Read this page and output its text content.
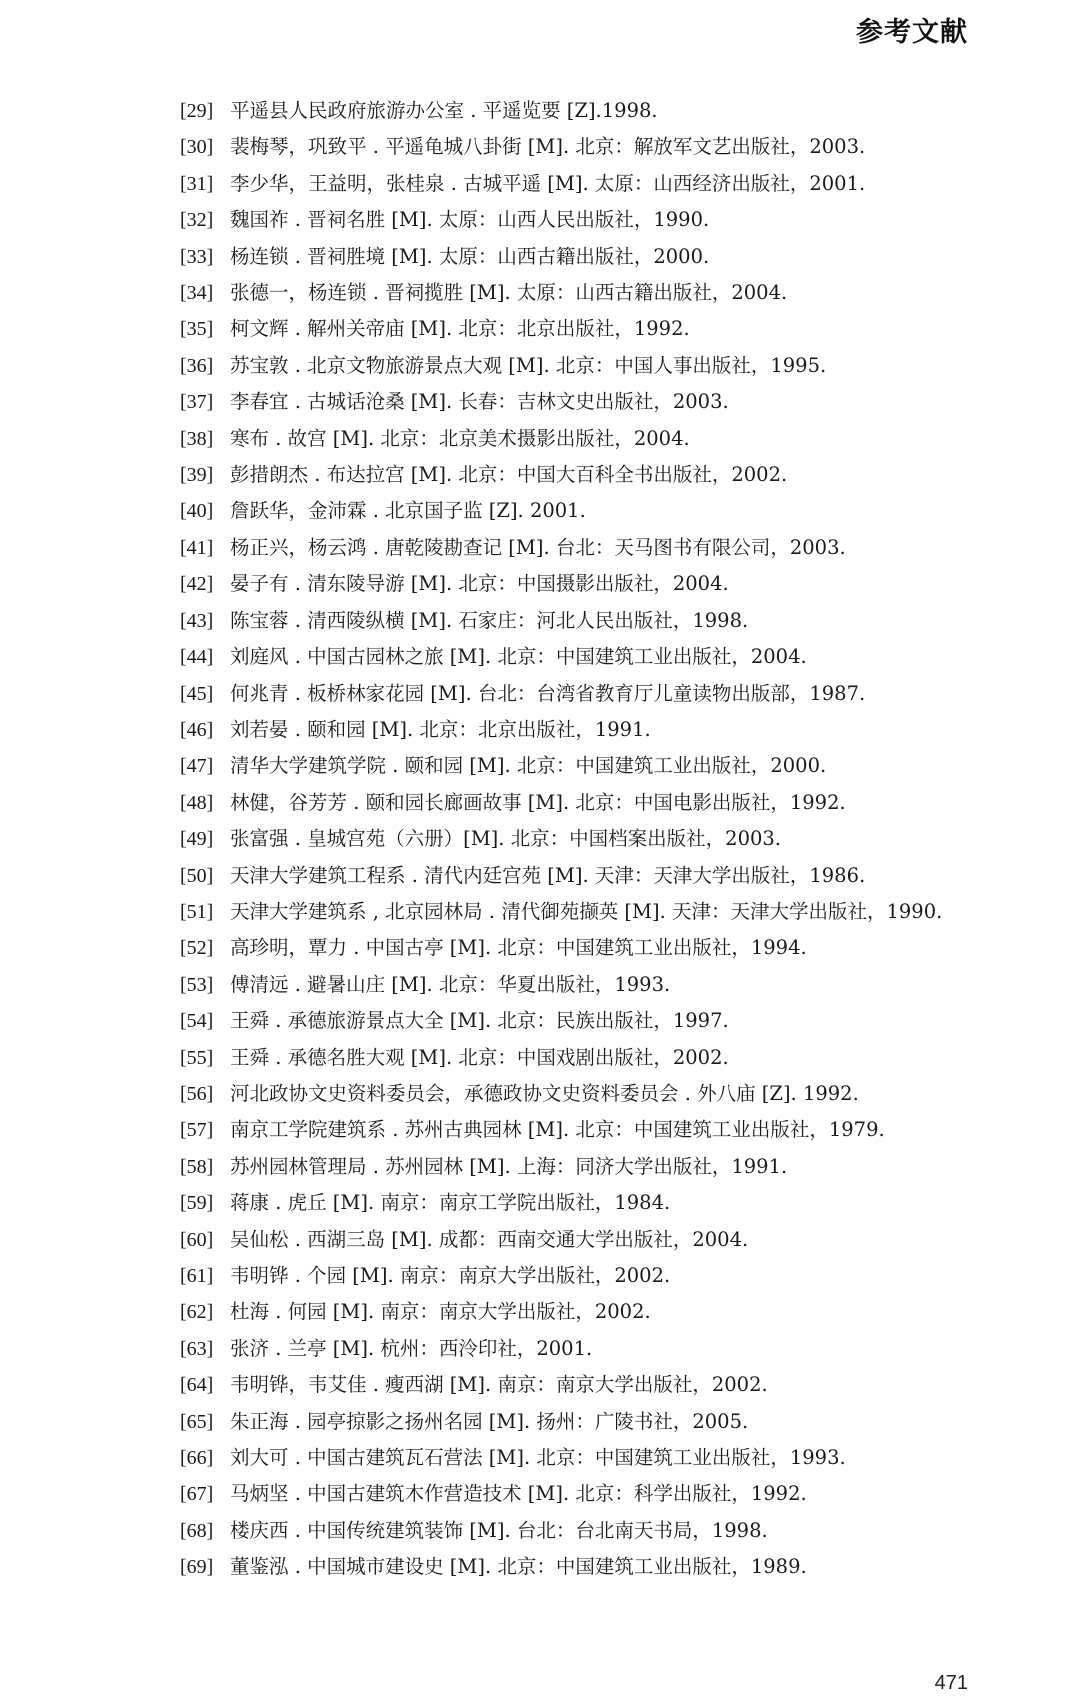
参考文献
[29] 平遥县人民政府旅游办公室 . 平遥览要 [Z].1998.
[30] 裴梅琴，巩致平 . 平遥龟城八卦街 [M]. 北京：解放军文艺出版社，2003.
[31] 李少华，王益明，张桂泉 . 古城平遥 [M]. 太原：山西经济出版社，2001.
[32] 魏国祚 . 晋祠名胜 [M]. 太原：山西人民出版社，1990.
[33] 杨连锁 . 晋祠胜境 [M]. 太原：山西古籍出版社，2000.
[34] 张德一，杨连锁 . 晋祠揽胜 [M]. 太原：山西古籍出版社，2004.
[35] 柯文辉 . 解州关帝庙 [M]. 北京：北京出版社，1992.
[36] 苏宝敦 . 北京文物旅游景点大观 [M]. 北京：中国人事出版社，1995.
[37] 李春宜 . 古城话沧桑 [M]. 长春：吉林文史出版社，2003.
[38] 寒布 . 故宫 [M]. 北京：北京美术摄影出版社，2004.
[39] 彭措朗杰 . 布达拉宫 [M]. 北京：中国大百科全书出版社，2002.
[40] 詹跃华，金沛霖 . 北京国子监 [Z]. 2001.
[41] 杨正兴，杨云鸿 . 唐乾陵勘查记 [M]. 台北：天马图书有限公司，2003.
[42] 晏子有 . 清东陵导游 [M]. 北京：中国摄影出版社，2004.
[43] 陈宝蓉 . 清西陵纵横 [M]. 石家庄：河北人民出版社，1998.
[44] 刘庭风 . 中国古园林之旅 [M]. 北京：中国建筑工业出版社，2004.
[45] 何兆青 . 板桥林家花园 [M]. 台北：台湾省教育厅儿童读物出版部，1987.
[46] 刘若晏 . 颐和园 [M]. 北京：北京出版社，1991.
[47] 清华大学建筑学院 . 颐和园 [M]. 北京：中国建筑工业出版社，2000.
[48] 林健，谷芳芳 . 颐和园长廊画故事 [M]. 北京：中国电影出版社，1992.
[49] 张富强 . 皇城宫苑（六册）[M]. 北京：中国档案出版社，2003.
[50] 天津大学建筑工程系 . 清代内廷宫苑 [M]. 天津：天津大学出版社，1986.
[51] 天津大学建筑系 , 北京园林局 . 清代御苑撷英 [M]. 天津：天津大学出版社，1990.
[52] 高珍明，覃力 . 中国古亭 [M]. 北京：中国建筑工业出版社，1994.
[53] 傅清远 . 避暑山庄 [M]. 北京：华夏出版社，1993.
[54] 王舜 . 承德旅游景点大全 [M]. 北京：民族出版社，1997.
[55] 王舜 . 承德名胜大观 [M]. 北京：中国戏剧出版社，2002.
[56] 河北政协文史资料委员会，承德政协文史资料委员会 . 外八庙 [Z]. 1992.
[57] 南京工学院建筑系 . 苏州古典园林 [M]. 北京：中国建筑工业出版社，1979.
[58] 苏州园林管理局 . 苏州园林 [M]. 上海：同济大学出版社，1991.
[59] 蒋康 . 虎丘 [M]. 南京：南京工学院出版社，1984.
[60] 吴仙松 . 西湖三岛 [M]. 成都：西南交通大学出版社，2004.
[61] 韦明铧 . 个园 [M]. 南京：南京大学出版社，2002.
[62] 杜海 . 何园 [M]. 南京：南京大学出版社，2002.
[63] 张济 . 兰亭 [M]. 杭州：西泠印社，2001.
[64] 韦明铧，韦艾佳 . 瘦西湖 [M]. 南京：南京大学出版社，2002.
[65] 朱正海 . 园亭掠影之扬州名园 [M]. 扬州：广陵书社，2005.
[66] 刘大可 . 中国古建筑瓦石营法 [M]. 北京：中国建筑工业出版社，1993.
[67] 马炳坚 . 中国古建筑木作营造技术 [M]. 北京：科学出版社，1992.
[68] 楼庆西 . 中国传统建筑装饰 [M]. 台北：台北南天书局，1998.
[69] 董鉴泓 . 中国城市建设史 [M]. 北京：中国建筑工业出版社，1989.
471
